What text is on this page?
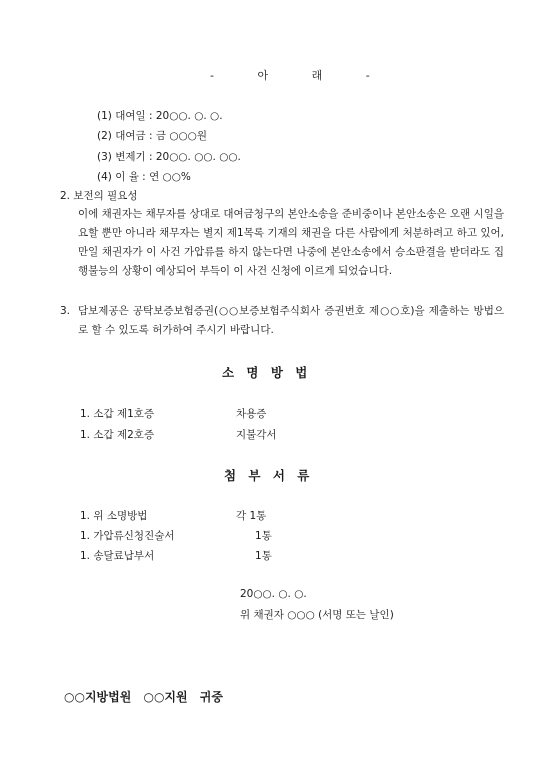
- 아 래 -
(1) 대여일 : 20○○. ○. ○.
(2) 대여금 : 금 ○○○원
(3) 변제기 : 20○○. ○○. ○○.
(4) 이 율 : 연 ○○%
2. 보전의 필요성
이에 채권자는 채무자를 상대로 대여금청구의 본안소송을 준비중이나 본안소송은 오랜 시일을 요할 뿐만 아니라 채무자는 별지 제1목록 기재의 채권을 다른 사람에게 처분하려고 하고 있어, 만일 채권자가 이 사건 가압류를 하지 않는다면 나중에 본안소송에서 승소판결을 받더라도 집행불능의 상황이 예상되어 부득이 이 사건 신청에 이르게 되었습니다.
3. 담보제공은 공탁보증보험증권(○○보증보험주식회사 증권번호 제○○호)을 제출하는 방법으로 할 수 있도록 허가하여 주시기 바랍니다.
소 명 방 법
1. 소갑 제1호증	차용증
1. 소갑 제2호증	지불각서
첨 부 서 류
1. 위 소명방법	각 1통
1. 가압류신청진술서	1통
1. 송달료납부서	1통
20○○. ○. ○.
위 채권자 ○○○ (서명 또는 날인)
○○지방법원 ○○지원 귀중
